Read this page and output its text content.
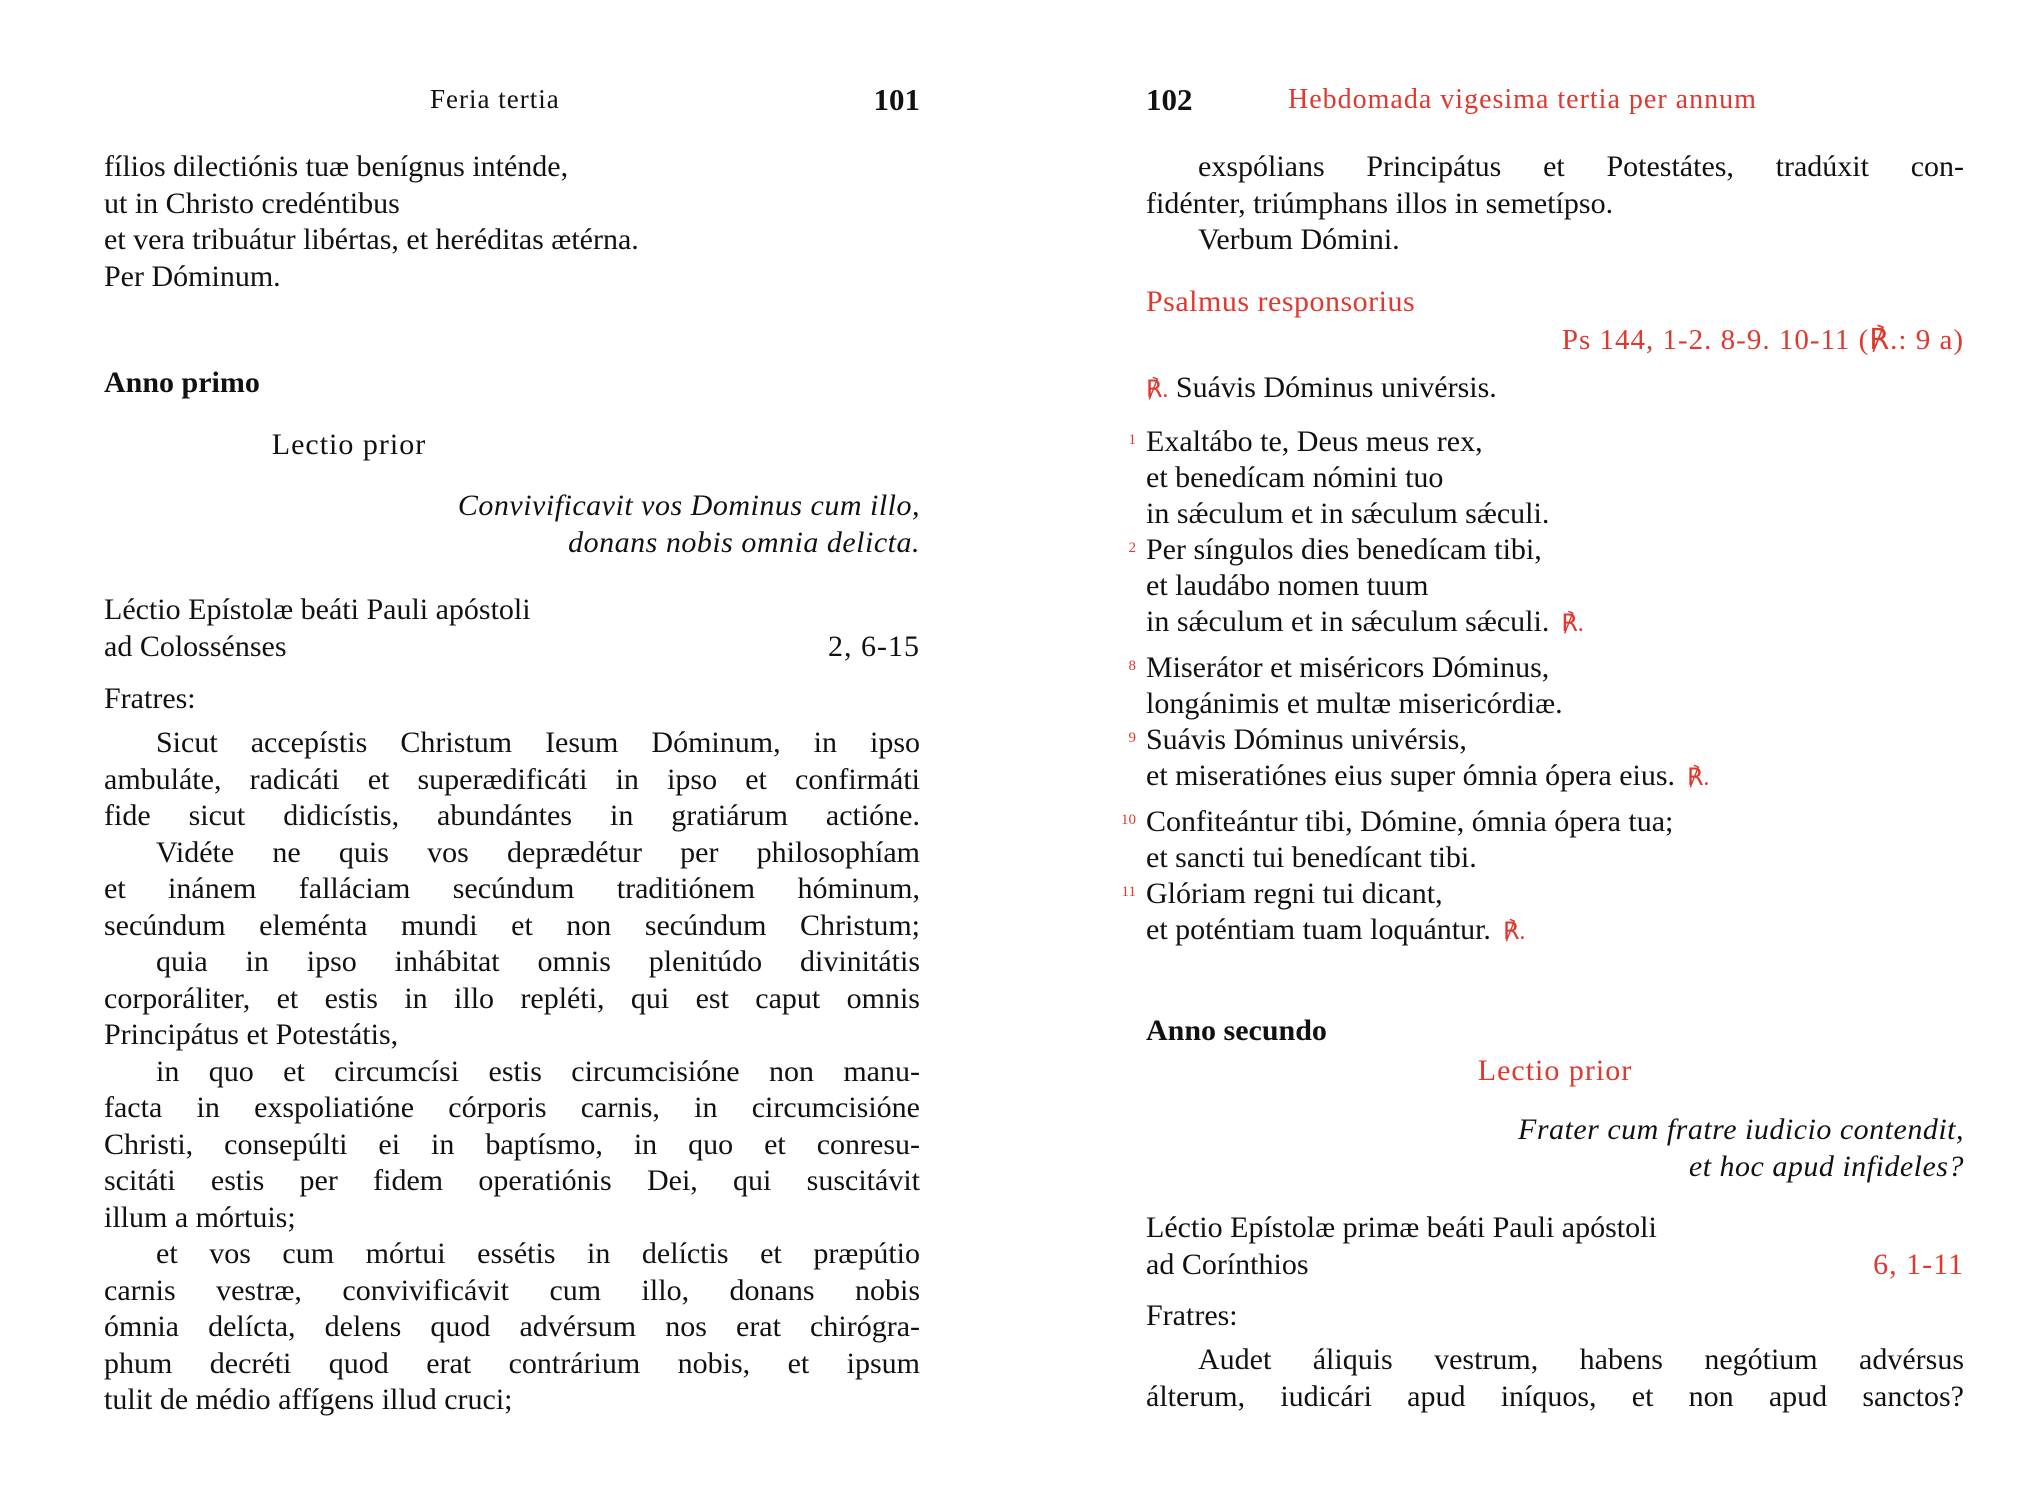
Feria tertia	101
fílios dilectiónis tuæ benígnus inténde,
ut in Christo credéntibus
et vera tribuátur libértas, et heréditas ætérna.
Per Dóminum.
Anno primo
Lectio prior
Convivificavit vos Dominus cum illo,
donans nobis omnia delicta.
Léctio Epístolæ beáti Pauli apóstoli
ad Colossénses	2, 6-15
Fratres:
Sicut accepístis Christum Iesum Dóminum, in ipso
ambuláte, radicáti et superædificáti in ipso et confirmáti
fide sicut didicístis, abundántes in gratiárum actióne.
Vidéte ne quis vos deprædétur per philosophíam
et inánem falláciam secúndum traditiónem hóminum,
secúndum eleménta mundi et non secúndum Christum;
quia in ipso inhábitat omnis plenitúdo divinitátis
corporáliter, et estis in illo repléti, qui est caput omnis
Principátus et Potestátis,
in quo et circumcísi estis circumcisióne non manu-
facta in exspoliatióne córporis carnis, in circumcisióne
Christi, consepúlti ei in baptísmo, in quo et conresu-
scitáti estis per fidem operatiónis Dei, qui suscitávit
illum a mórtuis;
et vos cum mórtui essétis in delíctis et præpútio
carnis vestræ, convivificávit cum illo, donans nobis
ómnia delícta, delens quod advérsum nos erat chirógra-
phum decréti quod erat contrárium nobis, et ipsum
tulit de médio affígens illud cruci;
102	Hebdomada vigesima tertia per annum
exspólians Principátus et Potestátes, tradúxit con-
fidénter, triúmphans illos in semetípso.
Verbum Dómini.
Psalmus responsorius
Ps 144, 1-2. 8-9. 10-11 (℟.: 9 a)
℟. Suávis Dóminus univérsis.
1 Exaltábo te, Deus meus rex,
et benedícam nómini tuo
in sǽculum et in sǽculum sǽculi.
2 Per síngulos dies benedícam tibi,
et laudábo nomen tuum
in sǽculum et in sǽculum sǽculi. ℟.
8 Miserátor et miséricors Dóminus,
longánimis et multæ misericórdiæ.
9 Suávis Dóminus univérsis,
et miseratiónes eius super ómnia ópera eius. ℟.
10 Confiteántur tibi, Dómine, ómnia ópera tua;
et sancti tui benedícant tibi.
11 Glóriam regni tui dicant,
et poténtiam tuam loquántur. ℟.
Anno secundo
Lectio prior
Frater cum fratre iudicio contendit,
et hoc apud infideles?
Léctio Epístolæ primæ beáti Pauli apóstoli
ad Corínthios	6, 1-11
Fratres:
Audet áliquis vestrum, habens negótium advérsus
álterum, iudicári apud iníquos, et non apud sanctos?
